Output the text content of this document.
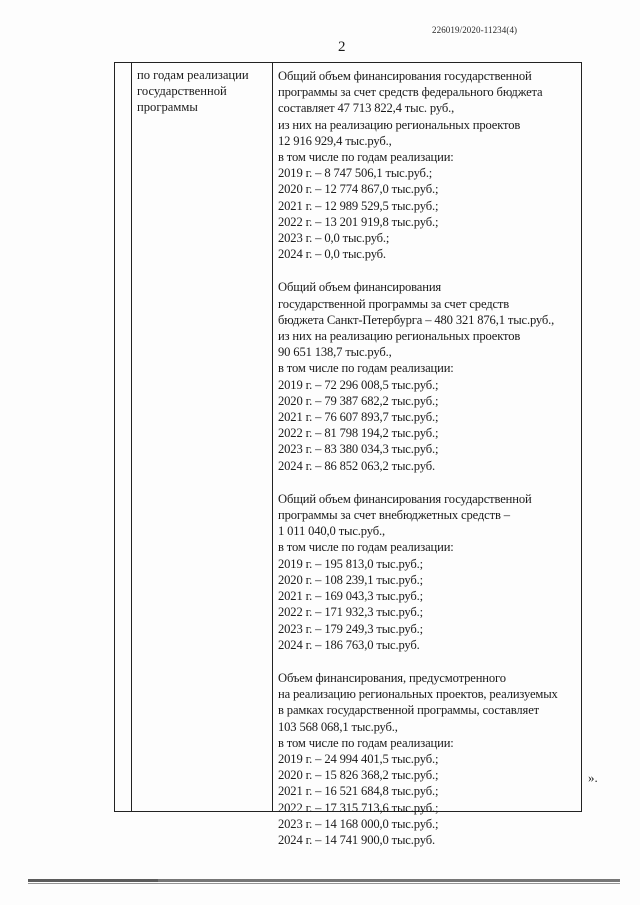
226019/2020-11234(4)
2
по годам реализации
государственной
программы
Общий объем финансирования государственной
программы за счет средств федерального бюджета
составляет 47 713 822,4 тыс. руб.,
из них на реализацию региональных проектов
12 916 929,4 тыс.руб.,
в том числе по годам реализации:
2019 г. – 8 747 506,1 тыс.руб.;
2020 г. – 12 774 867,0 тыс.руб.;
2021 г. – 12 989 529,5 тыс.руб.;
2022 г. – 13 201 919,8 тыс.руб.;
2023 г. – 0,0 тыс.руб.;
2024 г. – 0,0 тыс.руб.
Общий объем финансирования
государственной программы за счет средств
бюджета Санкт-Петербурга – 480 321 876,1 тыс.руб.,
из них на реализацию региональных проектов
90 651 138,7 тыс.руб.,
в том числе по годам реализации:
2019 г. – 72 296 008,5 тыс.руб.;
2020 г. – 79 387 682,2 тыс.руб.;
2021 г. – 76 607 893,7 тыс.руб.;
2022 г. – 81 798 194,2 тыс.руб.;
2023 г. – 83 380 034,3 тыс.руб.;
2024 г. – 86 852 063,2 тыс.руб.
Общий объем финансирования государственной
программы за счет внебюджетных средств –
1 011 040,0 тыс.руб.,
в том числе по годам реализации:
2019 г. – 195 813,0 тыс.руб.;
2020 г. – 108 239,1 тыс.руб.;
2021 г. – 169 043,3 тыс.руб.;
2022 г. – 171 932,3 тыс.руб.;
2023 г. – 179 249,3 тыс.руб.;
2024 г. – 186 763,0 тыс.руб.
Объем финансирования, предусмотренного
на реализацию региональных проектов, реализуемых
в рамках государственной программы, составляет
103 568 068,1 тыс.руб.,
в том числе по годам реализации:
2019 г. – 24 994 401,5 тыс.руб.;
2020 г. – 15 826 368,2 тыс.руб.;
2021 г. – 16 521 684,8 тыс.руб.;
2022 г. – 17 315 713,6 тыс.руб.;
2023 г. – 14 168 000,0 тыс.руб.;
2024 г. – 14 741 900,0 тыс.руб.
».
